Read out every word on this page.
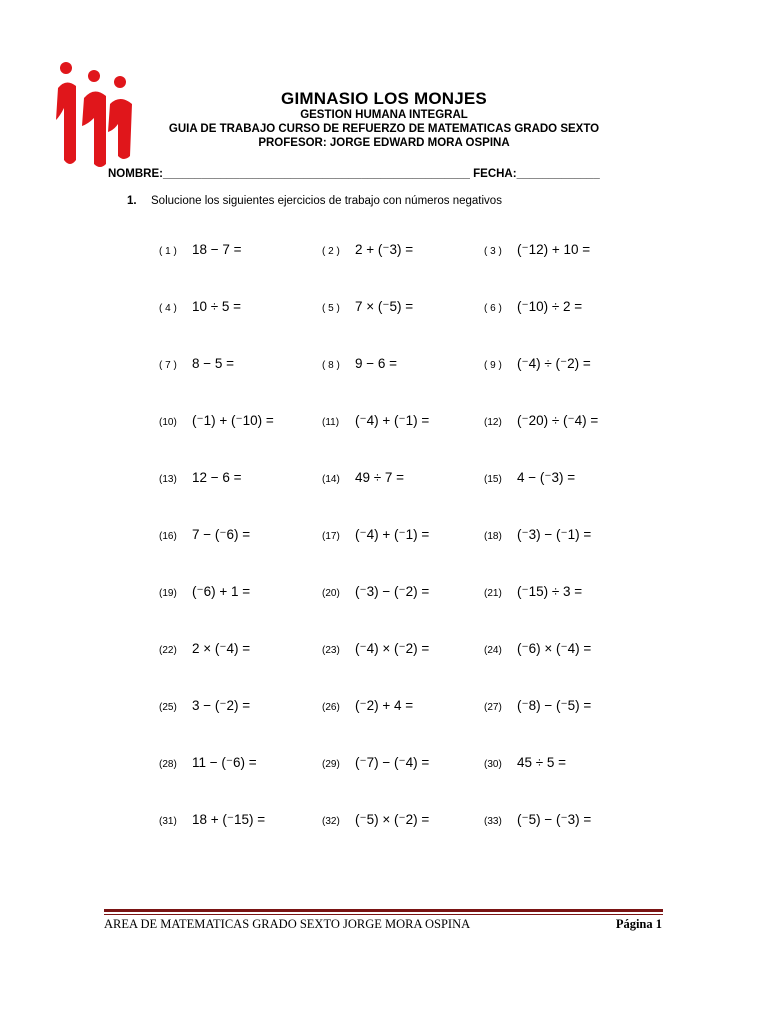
GIMNASIO LOS MONJES
GESTION HUMANA INTEGRAL
GUIA DE TRABAJO CURSO DE REFUERZO DE MATEMATICAS GRADO SEXTO
PROFESOR: JORGE EDWARD MORA OSPINA
NOMBRE:________________________________________________ FECHA:_____________
1. Solucione los siguientes ejercicios de trabajo con números negativos
( 1 ) 18 − 7 =	( 2 ) 2 + (⁻3) =	( 3 ) (⁻12) + 10 =
( 4 ) 10 ÷ 5 =	( 5 ) 7 × (⁻5) =	( 6 ) (⁻10) ÷ 2 =
( 7 ) 8 − 5 =	( 8 ) 9 − 6 =	( 9 ) (⁻4) ÷ (⁻2) =
(10) (⁻1) + (⁻10) =	(11) (⁻4) + (⁻1) =	(12) (⁻20) ÷ (⁻4) =
(13) 12 − 6 =	(14) 49 ÷ 7 =	(15) 4 − (⁻3) =
(16) 7 − (⁻6) =	(17) (⁻4) + (⁻1) =	(18) (⁻3) − (⁻1) =
(19) (⁻6) + 1 =	(20) (⁻3) − (⁻2) =	(21) (⁻15) ÷ 3 =
(22) 2 × (⁻4) =	(23) (⁻4) × (⁻2) =	(24) (⁻6) × (⁻4) =
(25) 3 − (⁻2) =	(26) (⁻2) + 4 =	(27) (⁻8) − (⁻5) =
(28) 11 − (⁻6) =	(29) (⁻7) − (⁻4) =	(30) 45 ÷ 5 =
(31) 18 + (⁻15) =	(32) (⁻5) × (⁻2) =	(33) (⁻5) − (⁻3) =
AREA DE MATEMATICAS GRADO SEXTO JORGE MORA OSPINA	Página 1
